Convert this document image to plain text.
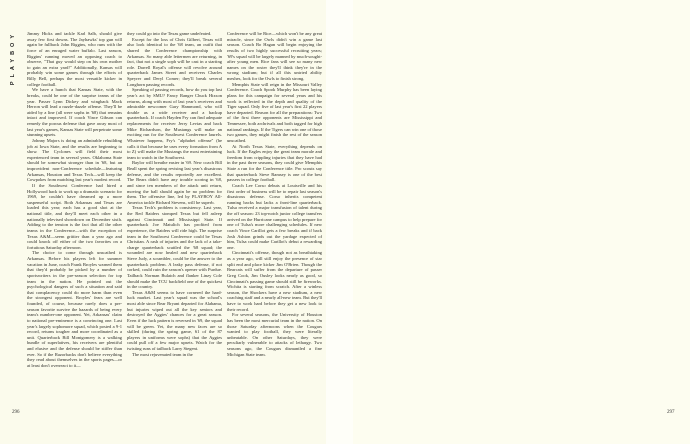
PLAYBOY Jimmy Hicks and tackle Karl Salb, should give away few first downs. The Jayhawks' top gun will again be fullback John Riggins, who runs with the force of an enraged water buffalo. Last season, Riggins' running moved an opposing coach to observe, "That guy would step on his own mother to gain an extra yard!" Additionally, Kansas will probably win some games through the efforts of Billy Bell, perhaps the most versatile kicker in college football.

We have a hunch that Kansas State, with the breaks, could be one of the surprise teams of the year. Passer Lynn Dickey and wingback Mack Herron will lead a razzle-dazzle offense. They'll be aided by a line (all were sophs in '68) that remains intact and improved. If coach Vince Gibson can remedy the porous defense that gave away most of last year's games, Kansas State will perpetrate some stunning upsets.

Johnny Majors is doing an admirable rebuilding job at Iowa State, and the results are beginning to show. The Cyclones will field their most experienced team in several years. Oklahoma State should be somewhat stronger than in '68, but an improvident non-Conference schedule—featuring Arkansas, Houston and Texas Tech—will keep the Cowpokes from matching last year's modest record.

If the Southwest Conference had hired a Hollywood hack to work up a dramatic scenario for 1969, he couldn't have dreamed up a more suspenseful script. Both Arkansas and Texas are loaded this year; each has a good shot at the national title, and they'll meet each other in a nationally televised showdown on December sixth. Adding to the tension is the fact that all the other teams in the Conference—with the exception of Texas A&M—seem grittier than a year ago and could knock off either of the two favorites on a fortuitous Saturday afternoon.

The choice to come through unscathed is Arkansas. Before his players left for summer vacation in June, coach Frank Broyles warned them that they'd probably be picked by a number of sportswriters in the pre-season selection for top team in the nation. He pointed out the psychological dangers of such a situation and said that complacency could do more harm than even the strongest opponent. Broyles' fears are well founded, of course, because rarely does a pre-season favorite survive the hazards of being every team's number-one opponent. Yet, Arkansas' claim to national pre-eminence is a convincing one. Last year's largely sophomore squad, which posted a 9-1 record, returns tougher and more coordinated as a unit. Quarterback Bill Montgomery is a walking bundle of superlatives, his receivers are plentiful and elusive and the defense should be stiffer than ever. So if the Razorbacks don't believe everything they read about themselves in the sports pages—or at least don't overreact to it—

they could go into the Texas game undefeated.

Except for the loss of Chris Gilbert, Texas will also look identical to the '68 team, an outfit that shared the Conference championship with Arkansas. So many able lettermen are returning, in fact, that not a single soph will be cast in a starting role. Darrell Royal's offense will revolve around quarterback James Street and receivers Charles Speyrer and Deryl Comer; they'll break several Longhorn passing records.

Speaking of passing records, how do you top last year's act by SMU? Fancy Ranger Chuck Hixson returns, along with most of last year's receivers and admirable newcomer Gary Hammond, who will double as a wide receiver and a backup quarterback. If coach Hayden Fry can find adequate replacements for receiver Jerry Levias and back Mike Richardson, the Mustangs will make an exciting run for the Southwest Conference laurels. Whatever happens, Fry's "alphabet offense" (he calls it that because he uses every formation from A to Z) will make the Mustangs the most entertaining team to watch in the Southwest.

Baylor will breathe easier in '69. New coach Bill Beall spent the spring revising last year's disastrous defense, and the results reportedly are excellent. The Bears didn't have any trouble scoring in '68, and since ten members of the attack unit return, moving the ball should again be no problem for them. The offensive line, led by PLAYBOY All-America tackle Richard Stevens, will be superb.

Texas Tech's problem is consistency. Last year, the Red Raiders stomped Texas but fell asleep against Cincinnati and Mississippi State. If quarterback Joe Matulich has profited from experience, the Raiders will ride high. The surprise team in the Southwest Conference could be Texas Christian. A rash of injuries and the lack of a take-charge quarterback scuttled the '68 squad; the wounded are now healed and new quarterback Steve Judy, a scrambler, could be the answer to the quarterback problem. A leaky pass defense, if not corked, could ruin the season's opener with Purdue. Tailback Norman Bulaich and flanker Linzy Cole should make the TCU backfield one of the quickest in the country.

Texas A&M seems to have cornered the hard-luck market. Last year's squad was the school's most able since Bear Bryant departed for Alabama, but injuries wiped out all the key seniors and destroyed the Aggies' chances for a great season. Even if the luck pattern is reversed in '69, the squad will be green. Yet, the many new faces are so skilled (during the spring game, 61 of the 87 players in uniforms were sophs) that the Aggies could pull off a few major upsets. Watch for the twisting runs of tailback Larry Stegent.

The most rejuvenated team in the

Conference will be Rice—which won't be any great miracle, since the Owls didn't win a game last season. Coach Bo Hagan will begin enjoying the results of two highly successful recruiting years; '69's squad will be largely manned by much-sought-after young men. Rice fans will see so many new names on the roster they'll think they're in the wrong stadium; but if all this untried ability meshes, look for the Owls to finish strong.

Memphis State will reign in the Missouri Valley Conference. Coach Spook Murphy has been laying plans for this campaign for several years and his work is reflected in the depth and quality of the Tiger squad. Only five of last year's first 22 players have departed. Reason for all the preparations: Two of the first three opponents are Mississippi and Tennessee, both archrivals and both tagged for high national rankings. If the Tigers can win one of those two games, they might finish the rest of the season unscathed.

At North Texas State, everything depends on luck. If the Eagles enjoy the great team morale and freedom from crippling injuries that they have had in the past three seasons, they could give Memphis State a run for the Conference title. Pro scouts say that quarterback Steve Ramsey is one of the best passers in college football.

Coach Lee Corso debuts at Louisville and his first order of business will be to repair last season's disastrous defense. Corso inherits competent running backs but lacks a front-line quarterback. Tulsa received a major transfusion of talent during the off season: 23 top-notch junior college transfers arrived on the Hurricane campus to help prepare for one of Tulsa's more challenging schedules. If new coach Vince Carillot gets a few breaks and if back Josh Ashton grinds out the yardage expected of him, Tulsa could make Carillot's debut a rewarding one.

Cincinnati's offense, though not as breathtaking as a year ago, will still enjoy the presence of star split end and place kicker Jim O'Brien. Though the Bearcats will suffer from the departure of passer Greg Cook, Jim Ousley looks nearly as good, so Cincinnati's passing game should still be fireworks. Wichita is starting from scratch. After a winless season, the Shockers have a new stadium, a new coaching staff and a nearly all-new team. But they'll have to work hard before they get a new look to their record.

For several seasons, the University of Houston has been the most mercurial team in the nation. On those Saturday afternoons when the Cougars wanted to play football, they were literally unbeatable. On other Saturdays, they were peculiarly vulnerable to attacks of lethargy. Two seasons ago, the Cougars dismantled a fine Michigan State team.

296	297
